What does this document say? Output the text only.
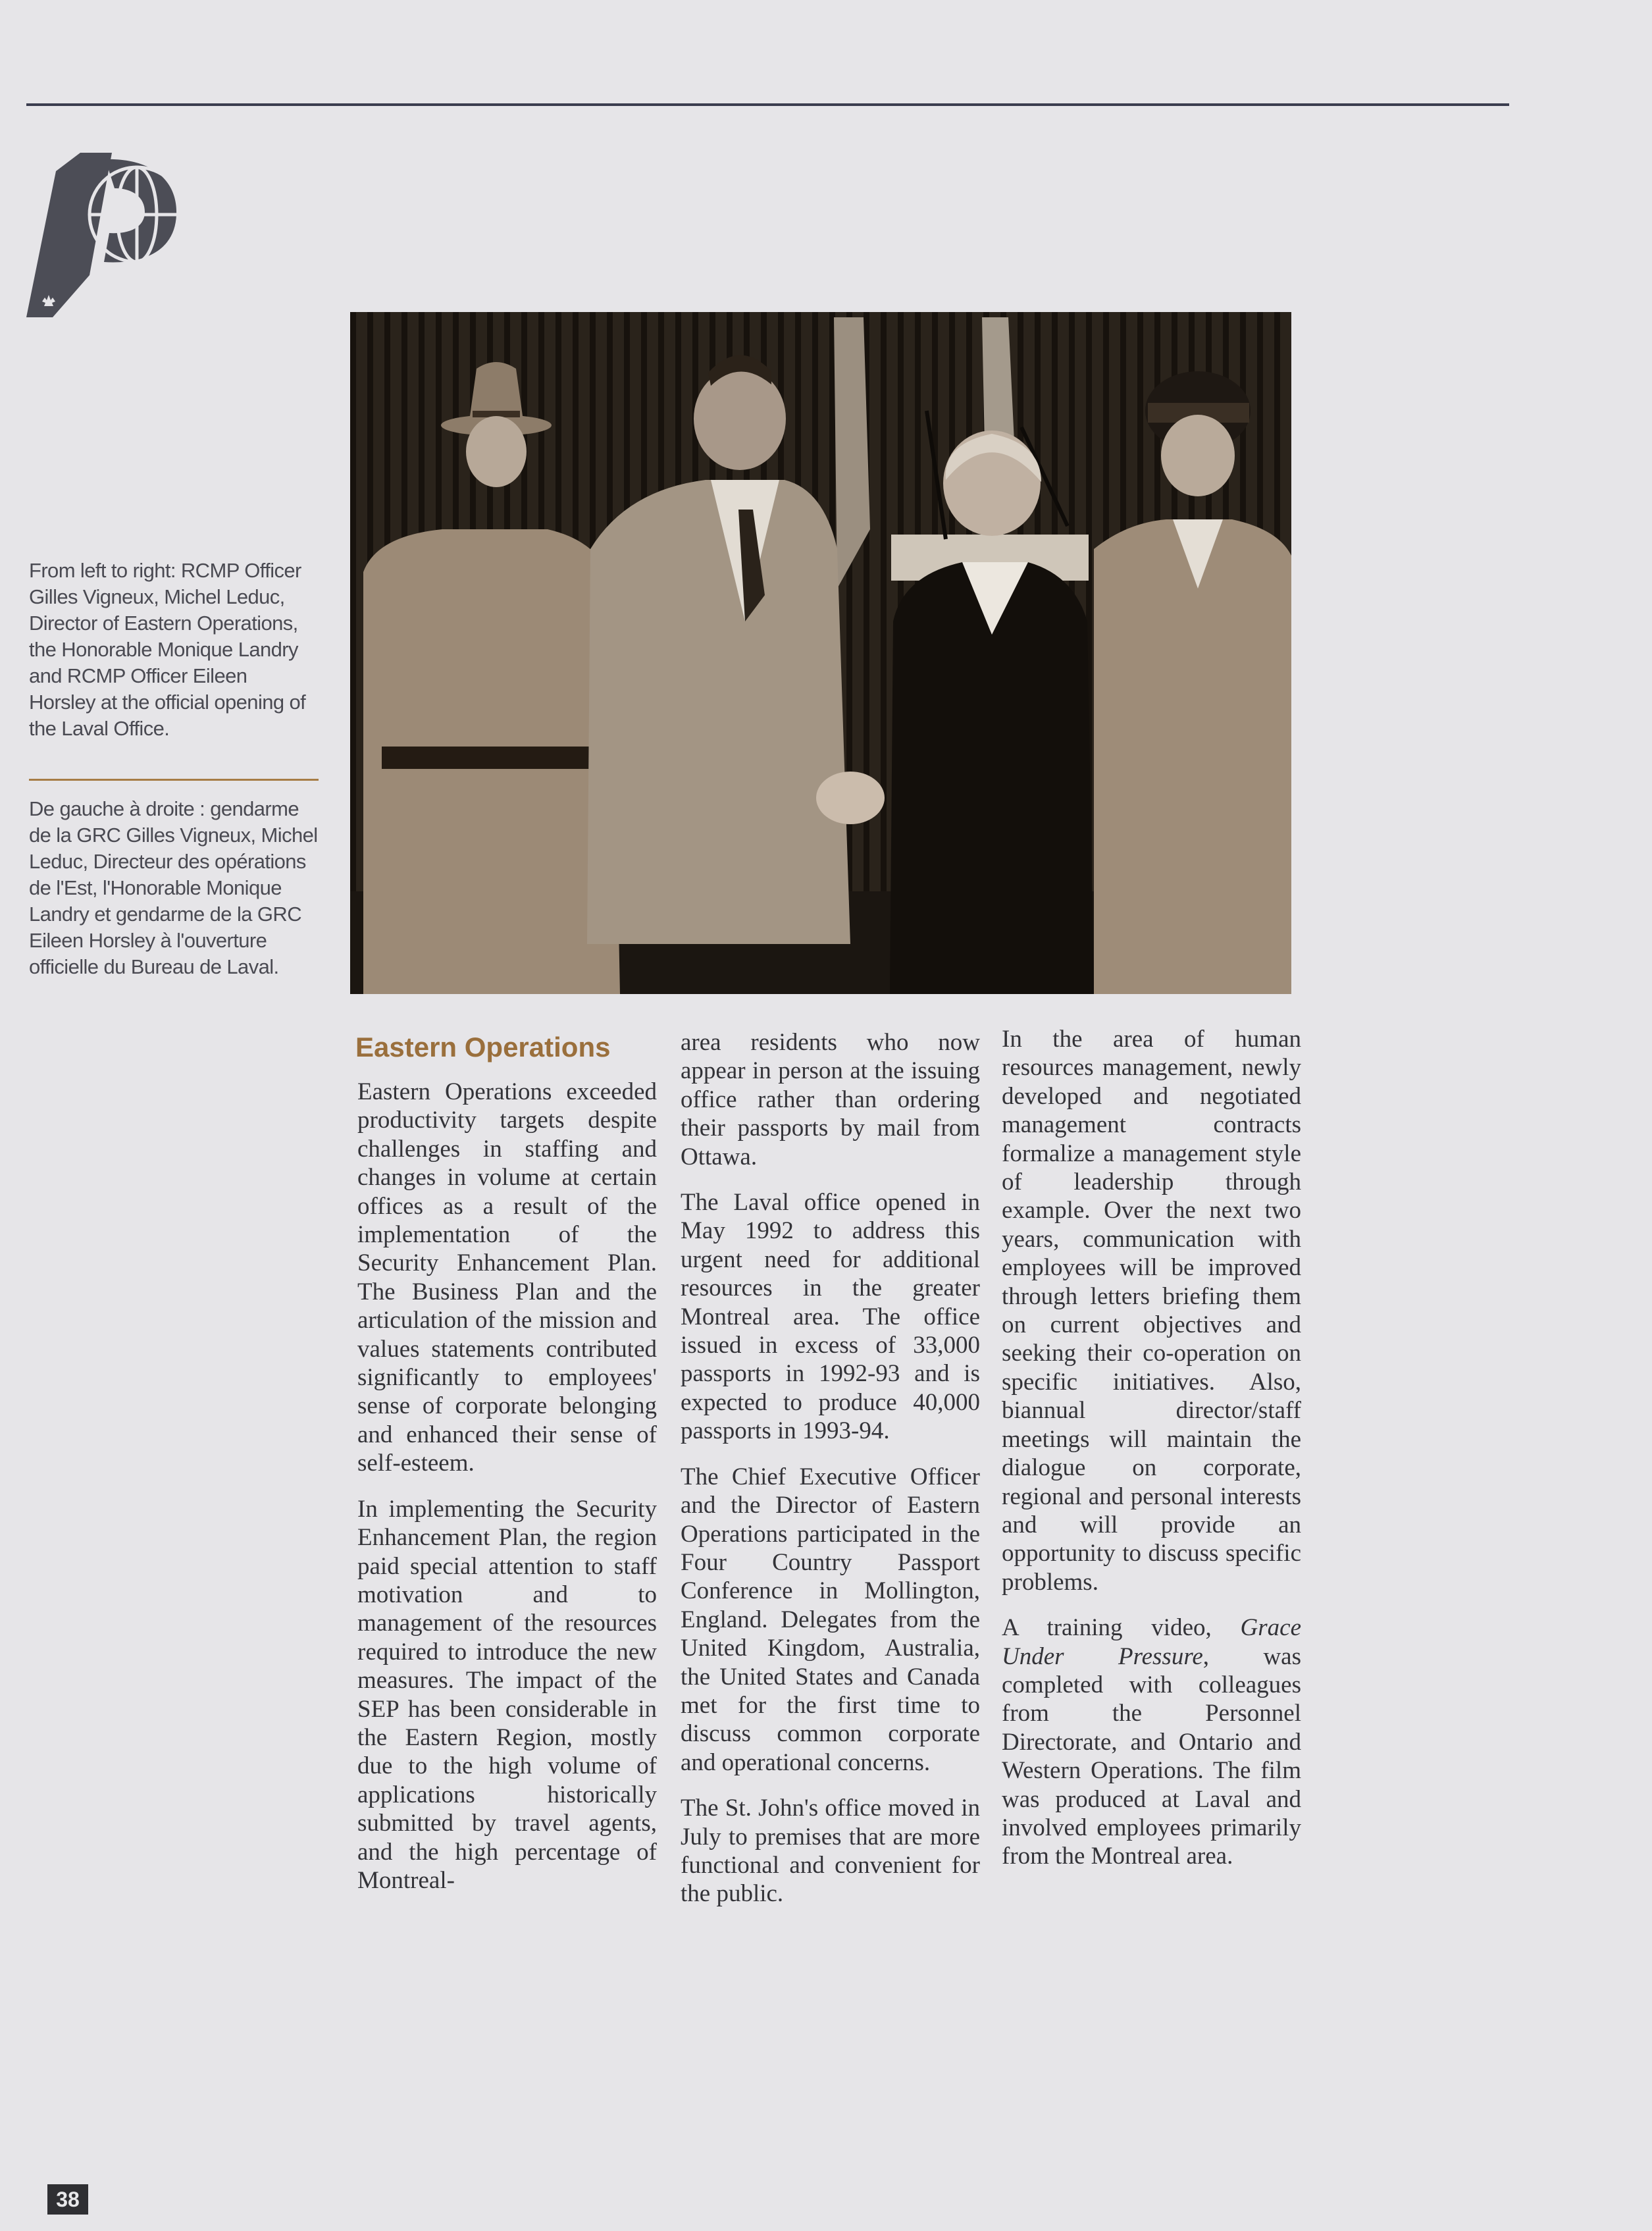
From left to right: RCMP Officer Gilles Vigneux, Michel Leduc, Director of Eastern Operations, the Honorable Monique Landry and RCMP Officer Eileen Horsley at the official opening of the Laval Office.
De gauche à droite : gendarme de la GRC Gilles Vigneux, Michel Leduc, Directeur des opérations de l'Est, l'Honorable Monique Landry et gendarme de la GRC Eileen Horsley à l'ouverture officielle du Bureau de Laval.
Eastern Operations

Eastern Operations exceeded productivity targets despite challenges in staffing and changes in volume at certain offices as a result of the implementation of the Security Enhancement Plan. The Business Plan and the articulation of the mission and values statements contributed significantly to employees' sense of corporate belonging and enhanced their sense of self-esteem.

In implementing the Security Enhancement Plan, the region paid special attention to staff motivation and to management of the resources required to introduce the new measures. The impact of the SEP has been considerable in the Eastern Region, mostly due to the high volume of applications historically submitted by travel agents, and the high percentage of Montreal-

area residents who now appear in person at the issuing office rather than ordering their passports by mail from Ottawa.

The Laval office opened in May 1992 to address this urgent need for additional resources in the greater Montreal area. The office issued in excess of 33,000 passports in 1992-93 and is expected to produce 40,000 passports in 1993-94.

The Chief Executive Officer and the Director of Eastern Operations participated in the Four Country Passport Conference in Mollington, England. Delegates from the United Kingdom, Australia, the United States and Canada met for the first time to discuss common corporate and operational concerns.

The St. John's office moved in July to premises that are more functional and convenient for the public.

In the area of human resources management, newly developed and negotiated management contracts formalize a management style of leadership through example. Over the next two years, communication with employees will be improved through letters briefing them on current objectives and seeking their co-operation on specific initiatives. Also, biannual director/staff meetings will maintain the dialogue on corporate, regional and personal interests and will provide an opportunity to discuss specific problems.

A training video, Grace Under Pressure, was completed with colleagues from the Personnel Directorate, and Ontario and Western Operations. The film was produced at Laval and involved employees primarily from the Montreal area.

38
